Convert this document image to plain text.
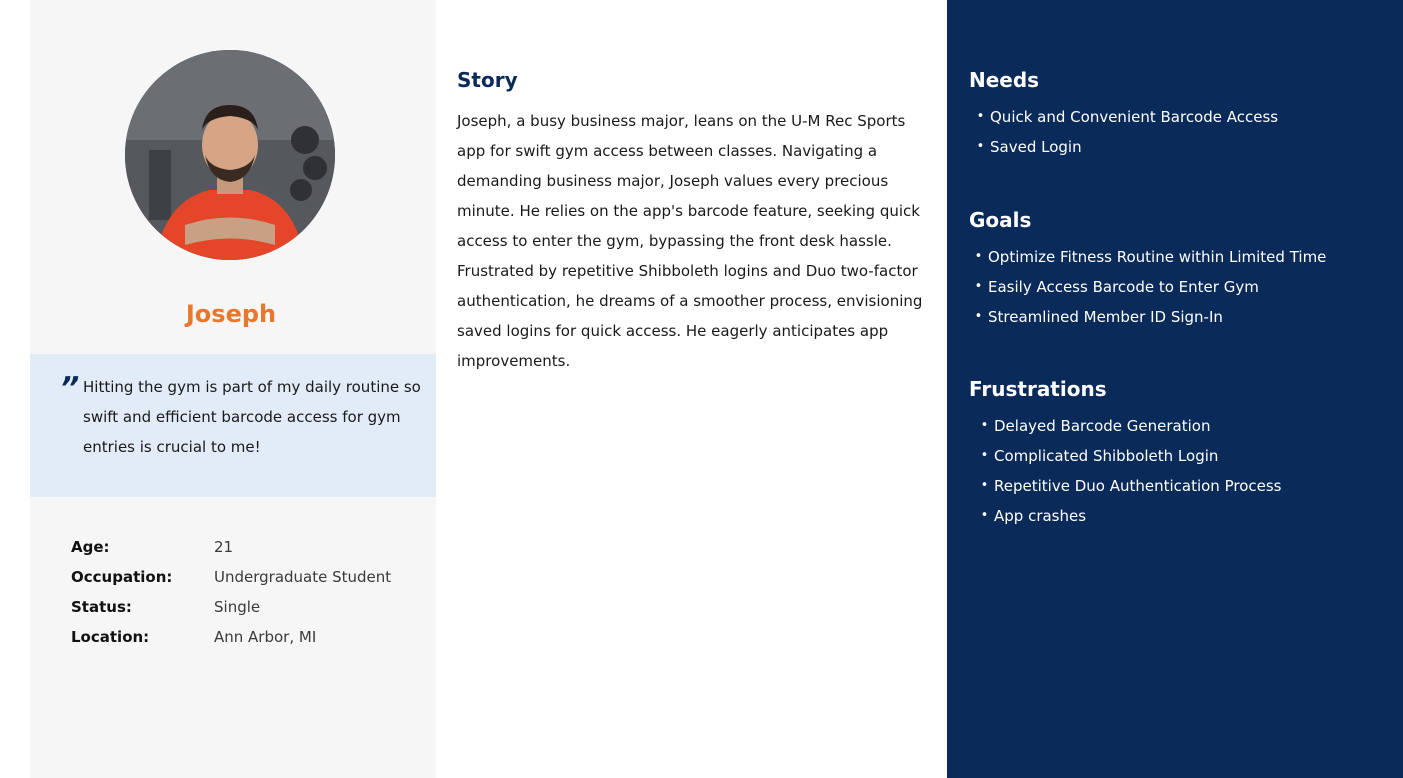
Joseph
” Hitting the gym is part of my daily routine so swift and efficient barcode access for gym entries is crucial to me!

Age:	21
Occupation:	Undergraduate Student
Status:	Single
Location:	Ann Arbor, MI
Story

Joseph, a busy business major, leans on the U-M Rec Sports app for swift gym access between classes. Navigating a demanding business major, Joseph values every precious minute. He relies on the app's barcode feature, seeking quick access to enter the gym, bypassing the front desk hassle. Frustrated by repetitive Shibboleth logins and Duo two-factor authentication, he dreams of a smoother process, envisioning saved logins for quick access. He eagerly anticipates app improvements.

Needs
• Quick and Convenient Barcode Access
• Saved Login
Goals
• Optimize Fitness Routine within Limited Time
• Easily Access Barcode to Enter Gym
• Streamlined Member ID Sign-In
Frustrations
• Delayed Barcode Generation
• Complicated Shibboleth Login
• Repetitive Duo Authentication Process
• App crashes
